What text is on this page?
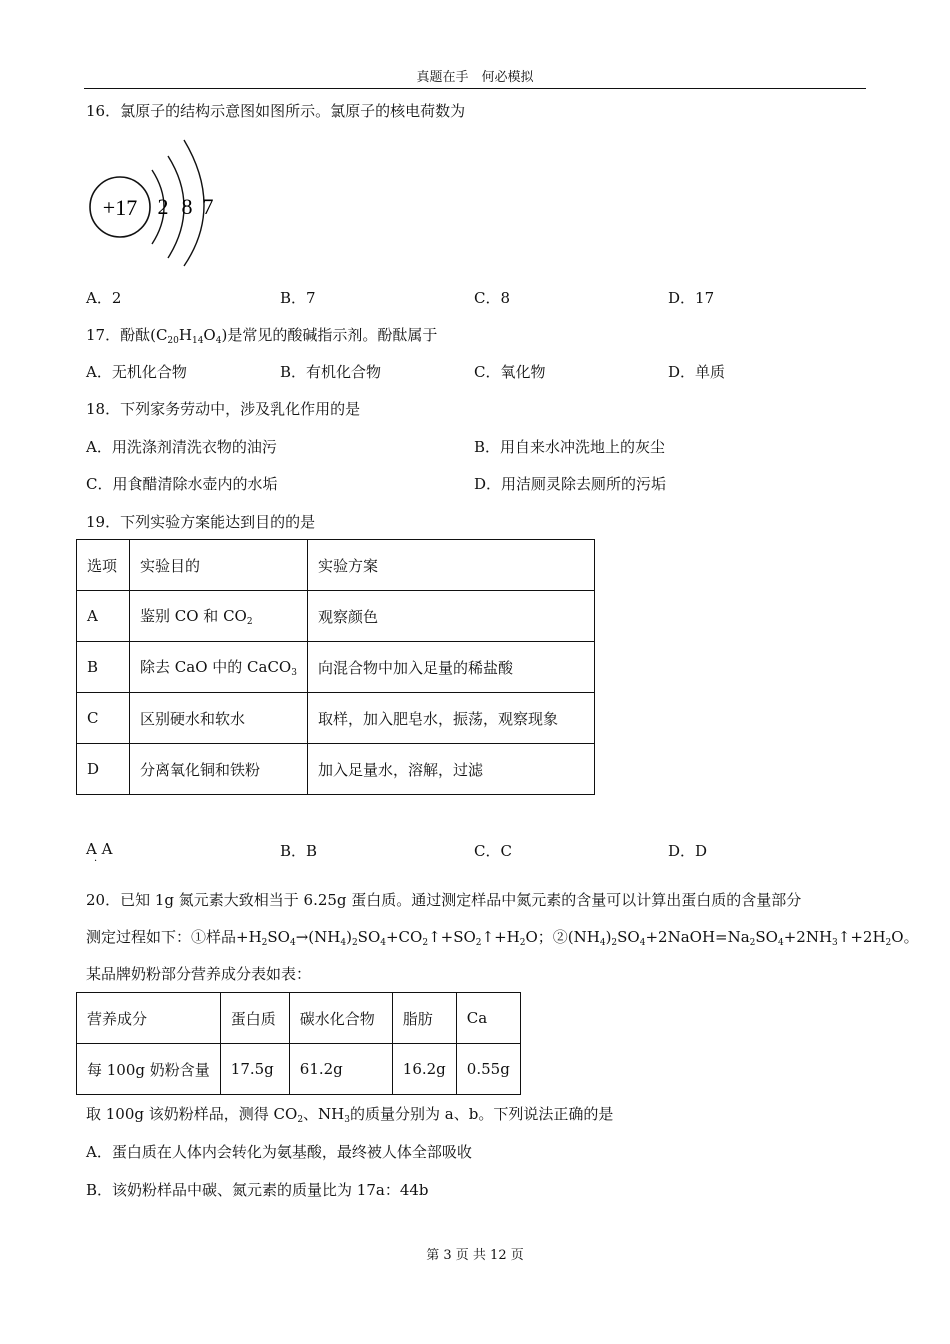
真题在手　何必模拟
16．氯原子的结构示意图如图所示。氯原子的核电荷数为
+17 2 8 7
A．2	B．7	C．8	D．17
17．酚酞$(C_{20}H_{14}O_4)$是常见的酸碱指示剂。酚酞属于
A．无机化合物	B．有机化合物	C．氧化物	D．单质
18．下列家务劳动中，涉及乳化作用的是
A．用洗涤剂清洗衣物的油污	B．用自来水冲洗地上的灰尘
C．用食醋清除水壶内的水垢	D．用洁厕灵除去厕所的污垢
19．下列实验方案能达到目的的是
选项	实验目的	实验方案
A	鉴别 CO 和 $CO_2$	观察颜色
B	除去 CaO 中的 CaCO$_3$	向混合物中加入足量的稀盐酸
C	区别硬水和软水	取样，加入肥皂水，振荡，观察现象
D	分离氧化铜和铁粉	加入足量水，溶解，过滤
A A
·
B．B	C．C	D．D
20．已知 1g 氮元素大致相当于 6.25g 蛋白质。通过测定样品中氮元素的含量可以计算出蛋白质的含量部分
测定过程如下：①样品$+H_2SO_4\to(NH_4)_2SO_4+CO_2↑+SO_2↑+H_2O$；$②(NH_4)_2SO_4+2NaOH=Na_2SO_4+2NH_3↑+2H_2O$。
某品牌奶粉部分营养成分表如表：
营养成分	蛋白质	碳水化合物	脂肪	Ca
每 100g 奶粉含量	17.5g	61.2g	16.2g	0.55g
取 100g 该奶粉样品，测得 $CO_2$、$NH_3$的质量分别为 a、b。下列说法正确的是
A．蛋白质在人体内会转化为氨基酸，最终被人体全部吸收
B．该奶粉样品中碳、氮元素的质量比为 17a：44b
第 3 页 共 12 页
